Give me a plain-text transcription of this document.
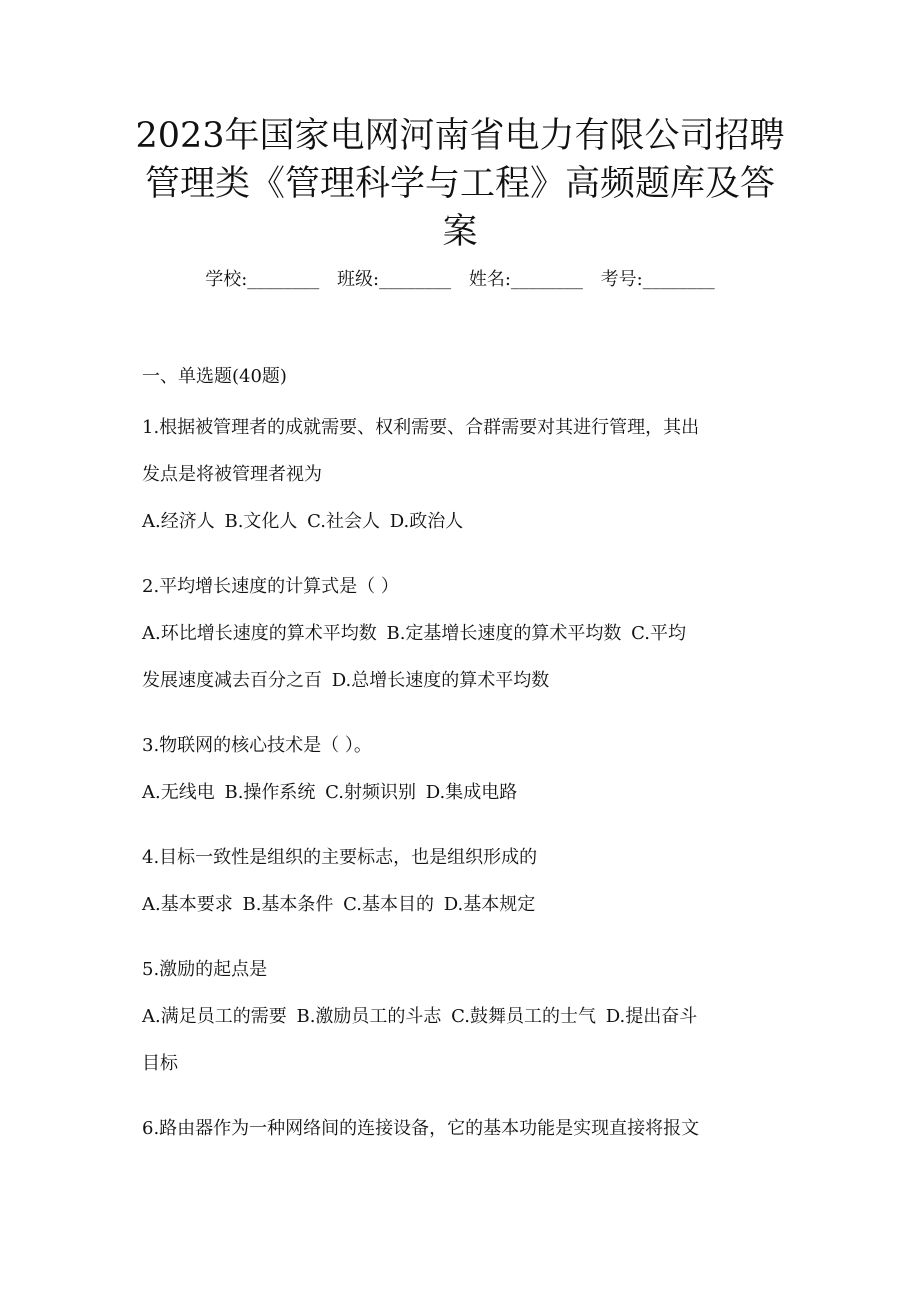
2023年国家电网河南省电力有限公司招聘
管理类《管理科学与工程》高频题库及答
案
学校:________ 班级:________ 姓名:________ 考号:________
一、单选题(40题)
1.根据被管理者的成就需要、权利需要、合群需要对其进行管理，其出
发点是将被管理者视为
A.经济人 B.文化人 C.社会人 D.政治人
2.平均增长速度的计算式是（ ）
A.环比增长速度的算术平均数 B.定基增长速度的算术平均数 C.平均
发展速度减去百分之百 D.总增长速度的算术平均数
3.物联网的核心技术是（ ）。
A.无线电 B.操作系统 C.射频识别 D.集成电路
4.目标一致性是组织的主要标志，也是组织形成的
A.基本要求 B.基本条件 C.基本目的 D.基本规定
5.激励的起点是
A.满足员工的需要 B.激励员工的斗志 C.鼓舞员工的士气 D.提出奋斗
目标
6.路由器作为一种网络间的连接设备，它的基本功能是实现直接将报文
